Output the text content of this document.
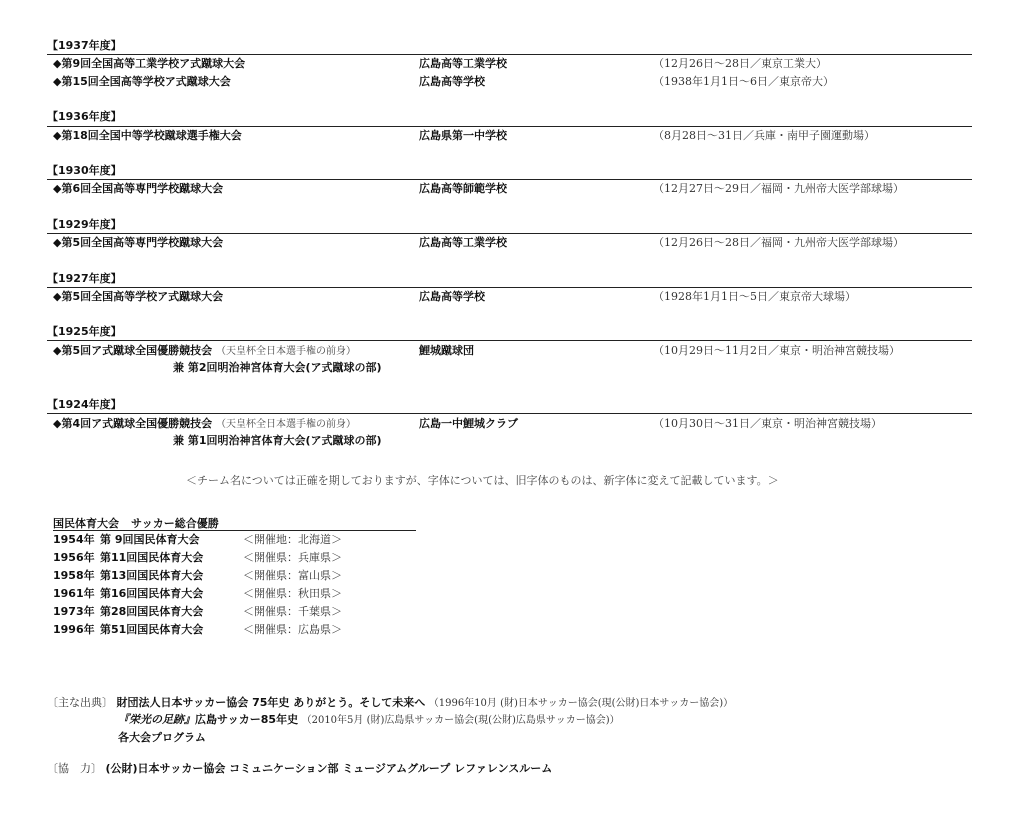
【1937年度】
◆第9回全国高等工業学校ア式蹴球大会	広島高等工業学校	（12月26日～28日／東京工業大）
◆第15回全国高等学校ア式蹴球大会	広島高等学校	（1938年1月1日～6日／東京帝大）
【1936年度】
◆第18回全国中等学校蹴球選手権大会	広島県第一中学校	（8月28日～31日／兵庫・南甲子園運動場）
【1930年度】
◆第6回全国高等専門学校蹴球大会	広島高等師範学校	（12月27日～29日／福岡・九州帝大医学部球場）
【1929年度】
◆第5回全国高等専門学校蹴球大会	広島高等工業学校	（12月26日～28日／福岡・九州帝大医学部球場）
【1927年度】
◆第5回全国高等学校ア式蹴球大会	広島高等学校	（1928年1月1日～5日／東京帝大球場）
【1925年度】
◆第5回ア式蹴球全国優勝競技会 （天皇杯全日本選手権の前身）	鯉城蹴球団	（10月29日～11月2日／東京・明治神宮競技場）
兼 第2回明治神宮体育大会(ア式蹴球の部)
【1924年度】
◆第4回ア式蹴球全国優勝競技会 （天皇杯全日本選手権の前身）	広島一中鯉城クラブ	（10月30日～31日／東京・明治神宮競技場）
兼 第1回明治神宮体育大会(ア式蹴球の部)
＜チーム名については正確を期しておりますが、字体については、旧字体のものは、新字体に変えて記載しています。＞
国民体育大会 サッカー総合優勝
1954年 第 9回国民体育大会	＜開催地：北海道＞
1956年 第11回国民体育大会	＜開催県：兵庫県＞
1958年 第13回国民体育大会	＜開催県：富山県＞
1961年 第16回国民体育大会	＜開催県：秋田県＞
1973年 第28回国民体育大会	＜開催県：千葉県＞
1996年 第51回国民体育大会	＜開催県：広島県＞
〔主な出典〕 財団法人日本サッカー協会 75年史 ありがとう。そして未来へ （1996年10月 (財)日本サッカー協会(現(公財)日本サッカー協会)）
『栄光の足跡』広島サッカー85年史 （2010年5月 (財)広島県サッカー協会(現(公財)広島県サッカー協会)）
各大会プログラム
〔協　力〕 (公財)日本サッカー協会 コミュニケーション部 ミュージアムグループ レファレンスルーム
